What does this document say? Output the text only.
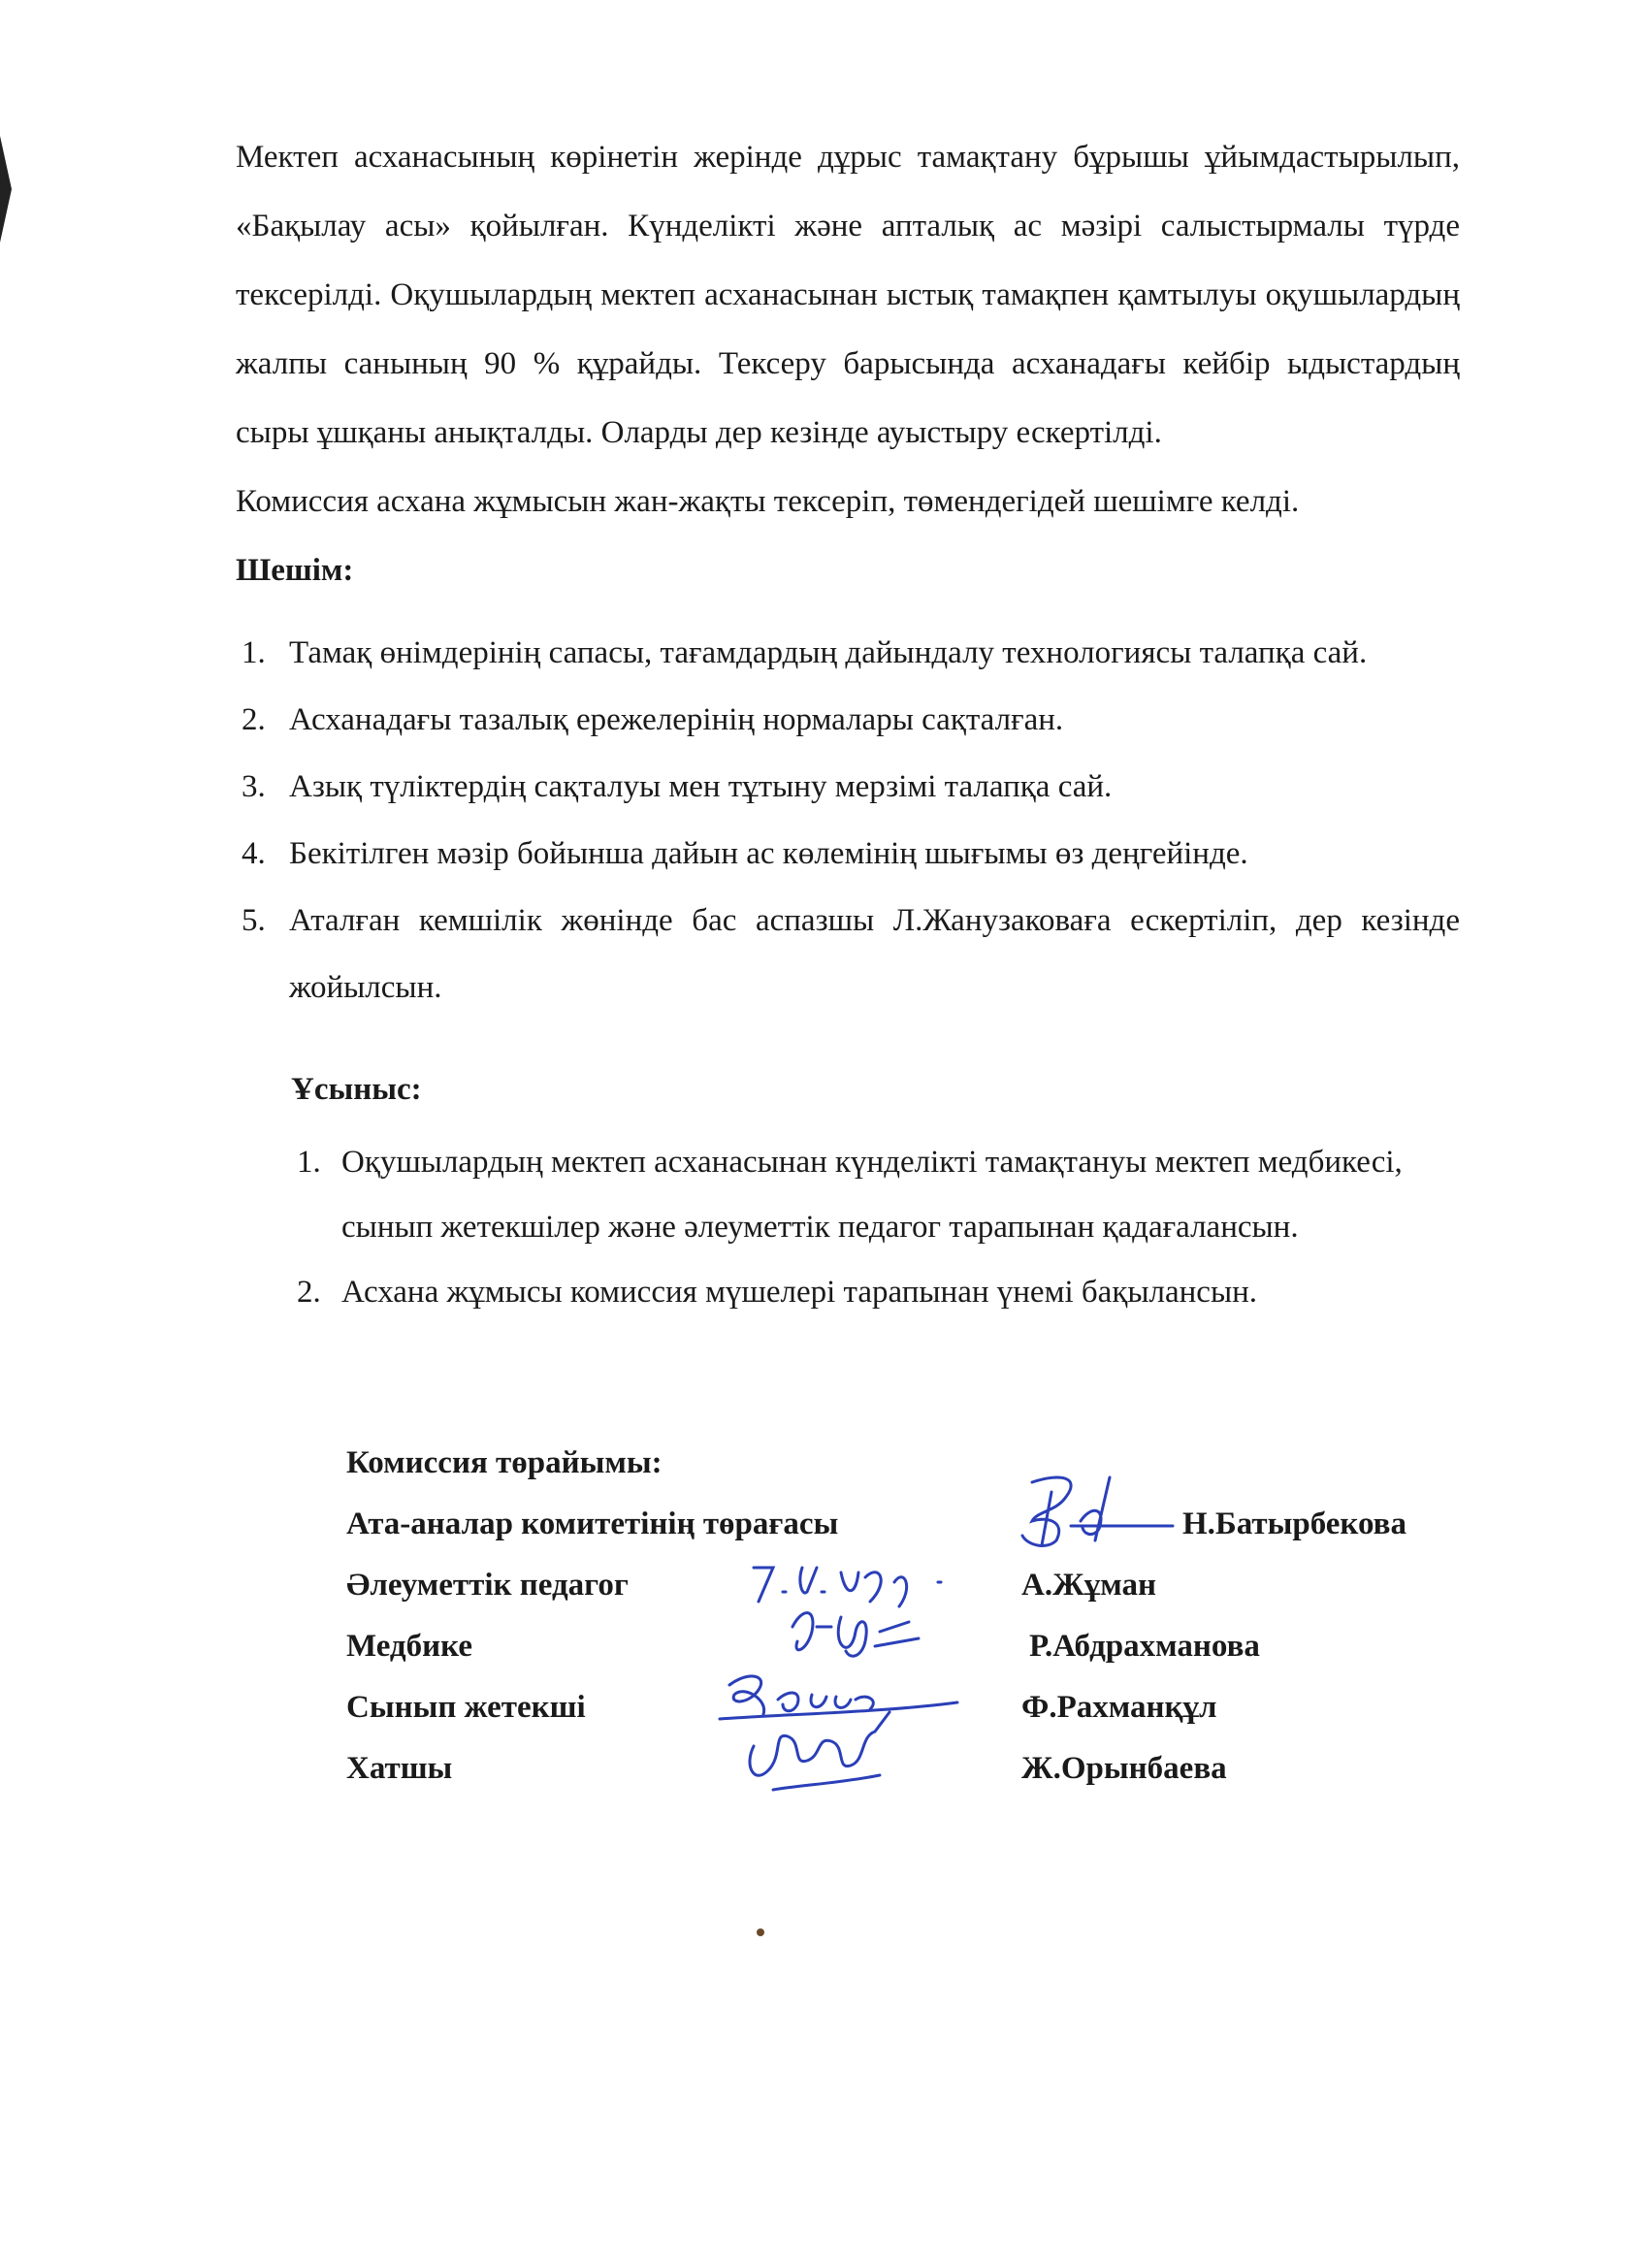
Мектеп асханасының көрінетін жерінде дұрыс тамақтану бұрышы ұйымдастырылып, «Бақылау асы» қойылған. Күнделікті және апталық ас мәзірі салыстырмалы түрде тексерілді. Оқушылардың мектеп асханасынан ыстық тамақпен қамтылуы оқушылардың жалпы санының 90 % құрайды. Тексеру барысында асханадағы кейбір ыдыстардың сыры ұшқаны анықталды. Оларды дер кезінде ауыстыру ескертілді.

Комиссия асхана жұмысын жан-жақты тексеріп, төмендегідей шешімге келді.

Шешім:

1. Тамақ өнімдерінің сапасы, тағамдардың дайындалу технологиясы талапқа сай.
2. Асханадағы тазалық ережелерінің нормалары сақталған.
3. Азық түліктердің сақталуы мен тұтыну мерзімі талапқа сай.
4. Бекітілген мәзір бойынша дайын ас көлемінің шығымы өз деңгейінде.
5. Аталған кемшілік жөнінде бас аспазшы Л.Жанузаковаға ескертіліп, дер кезінде жойылсын.
Ұсыныс:
1. Оқушылардың мектеп асханасынан күнделікті тамақтануы мектеп медбикесі, сынып жетекшілер және әлеуметтік педагог тарапынан қадағалансын.
2. Асхана жұмысы комиссия мүшелері тарапынан үнемі бақылансын.
Комиссия төрайымы:
Ата-аналар комитетінің төрағасы	Н.Батырбекова
Әлеуметтік педагог	А.Жұман
Медбике	Р.Абдрахманова
Сынып жетекші	Ф.Рахманқұл
Хатшы	Ж.Орынбаева
